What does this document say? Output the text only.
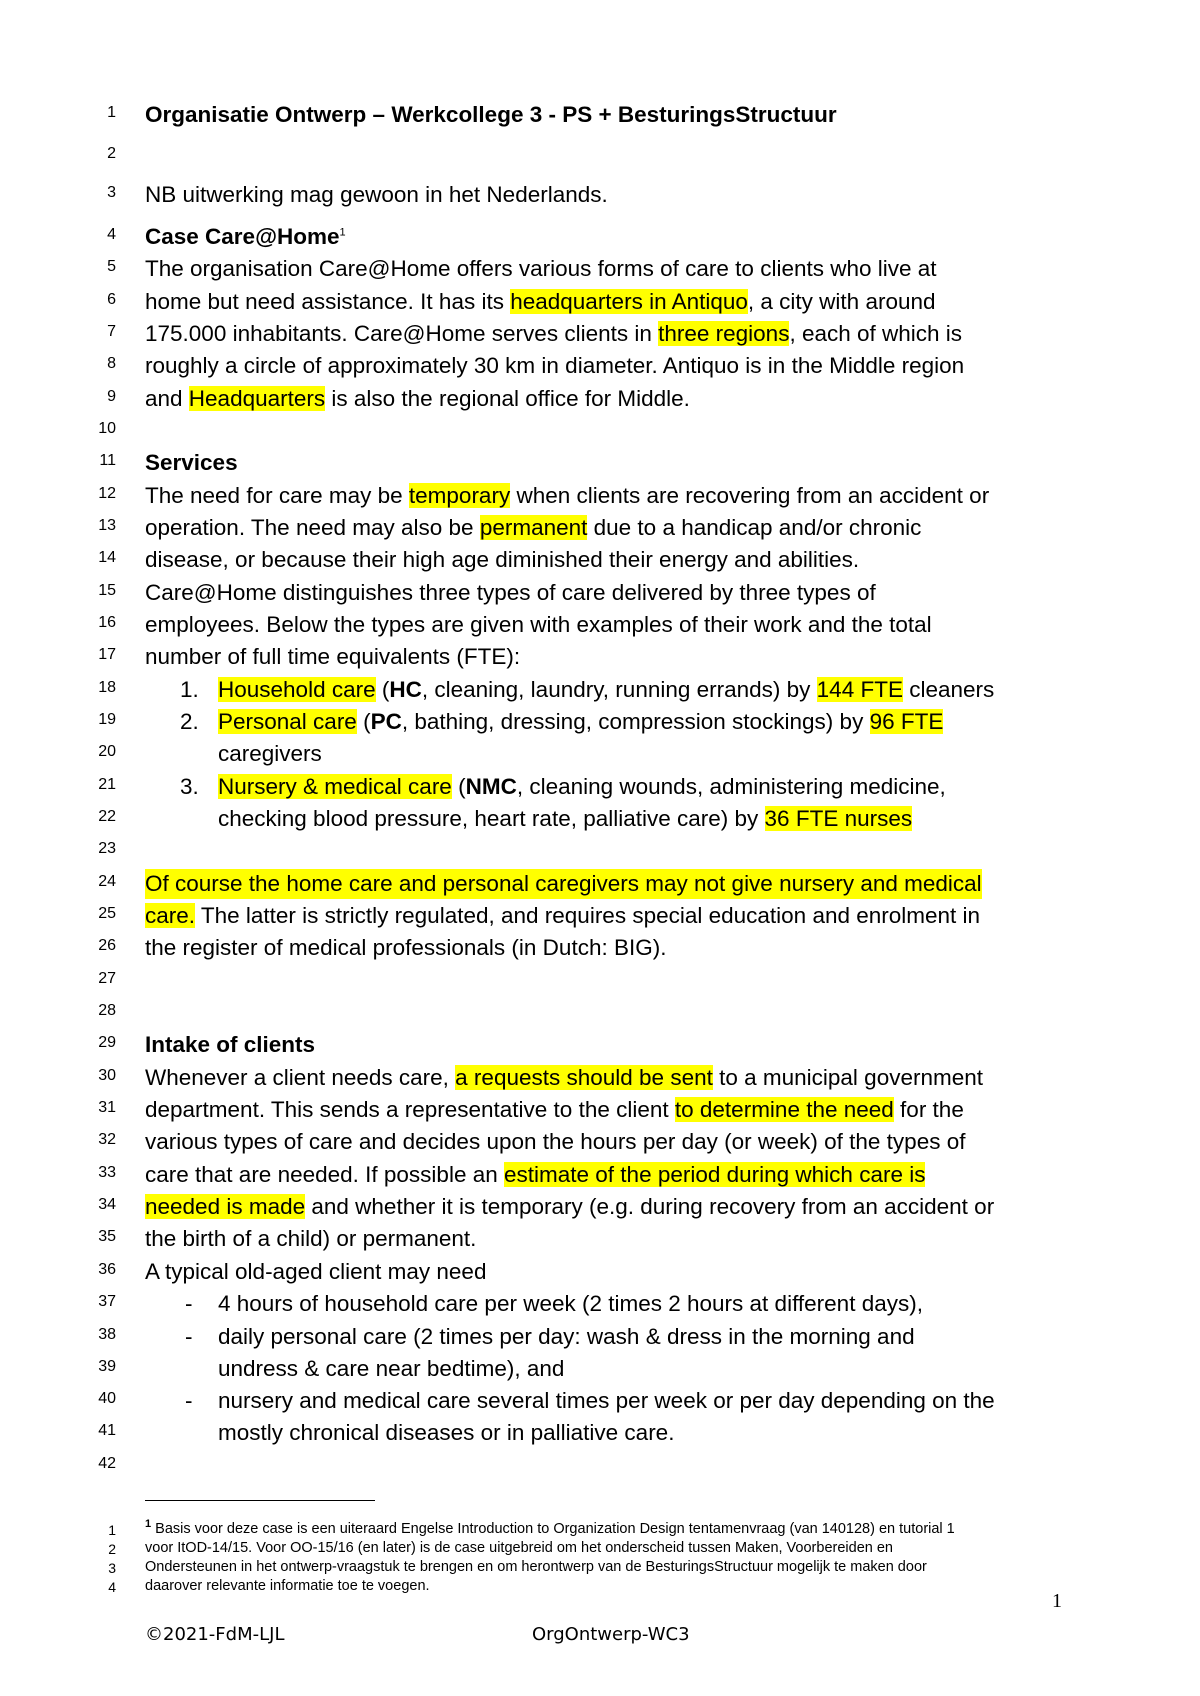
1 Organisatie Ontwerp – Werkcollege 3 - PS + BesturingsStructuur
2
3 NB uitwerking mag gewoon in het Nederlands.
4 Case Care@Home$^1$
5 The organisation Care@Home offers various forms of care to clients who live at
6 home but need assistance. It has its headquarters in Antiquo, a city with around
7 175.000 inhabitants. Care@Home serves clients in three regions, each of which is
8 roughly a circle of approximately 30 km in diameter. Antiquo is in the Middle region
9 and Headquarters is also the regional office for Middle.
10
11 Services
12 The need for care may be temporary when clients are recovering from an accident or
13 operation. The need may also be permanent due to a handicap and/or chronic
14 disease, or because their high age diminished their energy and abilities.
15 Care@Home distinguishes three types of care delivered by three types of
16 employees. Below the types are given with examples of their work and the total
17 number of full time equivalents (FTE):
18	1. Household care (HC, cleaning, laundry, running errands) by 144 FTE cleaners
19	2. Personal care (PC, bathing, dressing, compression stockings) by 96 FTE
20	caregivers
21	3. Nursery & medical care (NMC, cleaning wounds, administering medicine,
22	checking blood pressure, heart rate, palliative care) by 36 FTE nurses
23
24 Of course the home care and personal caregivers may not give nursery and medical
25 care. The latter is strictly regulated, and requires special education and enrolment in
26 the register of medical professionals (in Dutch: BIG).
27
28
29 Intake of clients
30 Whenever a client needs care, a requests should be sent to a municipal government
31 department. This sends a representative to the client to determine the need for the
32 various types of care and decides upon the hours per day (or week) of the types of
33 care that are needed. If possible an estimate of the period during which care is
34 needed is made and whether it is temporary (e.g. during recovery from an accident or
35 the birth of a child) or permanent.
36 A typical old-aged client may need
37	- 4 hours of household care per week (2 times 2 hours at different days),
38	- daily personal care (2 times per day: wash & dress in the morning and
39	undress & care near bedtime), and
40	- nursery and medical care several times per week or per day depending on the
41	mostly chronical diseases or in palliative care.
42
1	$^1$ Basis voor deze case is een uiteraard Engelse Introduction to Organization Design tentamenvraag (van 140128) en tutorial 1
2 voor ItOD-14/15. Voor OO-15/16 (en later) is de case uitgebreid om het onderscheid tussen Maken, Voorbereiden en
3 Ondersteunen in het ontwerp-vraagstuk te brengen en om herontwerp van de BesturingsStructuur mogelijk te maken door
4 daarover relevante informatie toe te voegen.
1
©2021-FdM-LJL	OrgOntwerp-WC3
